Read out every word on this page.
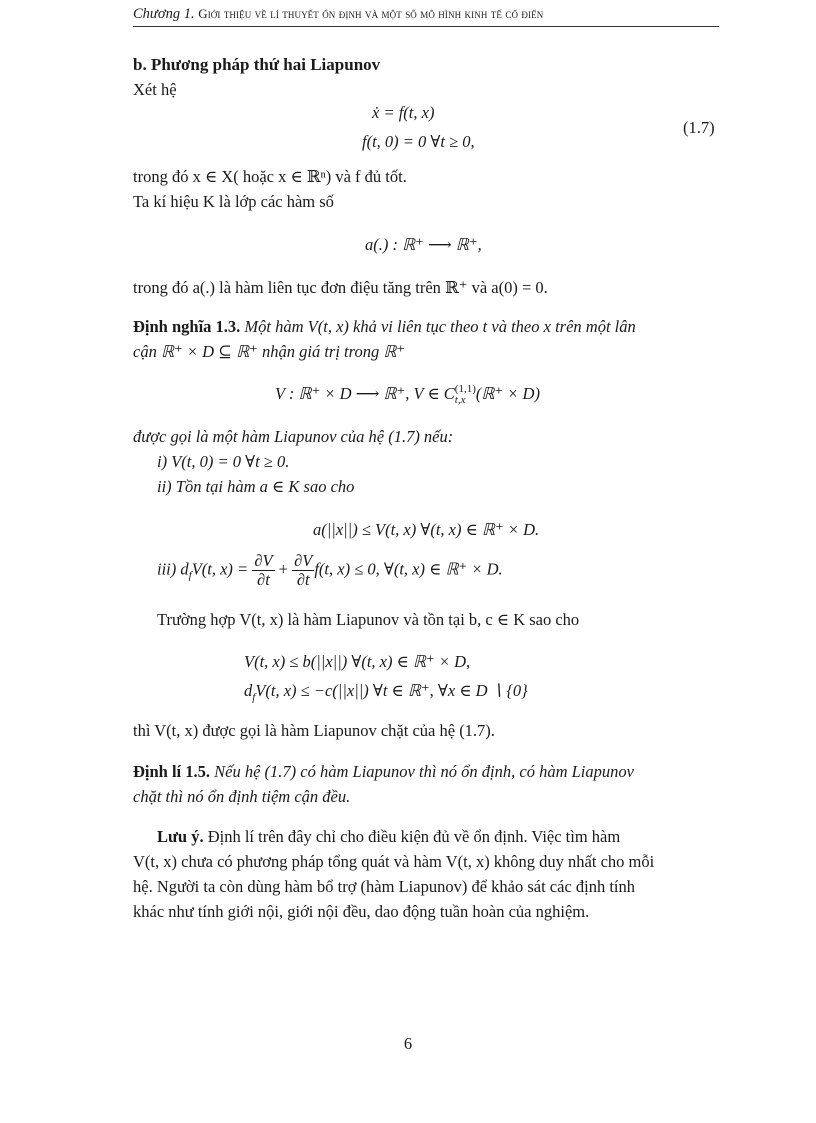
Chương 1. Giới thiệu về lí thuyết ổn định và một số mô hình kinh tế cổ điển
b. Phương pháp thứ hai Liapunov
Xét hệ
ẋ = f(t, x)
f(t, 0) = 0 ∀t ≥ 0,
(1.7)
trong đó x ∈ X( hoặc x ∈ ℝⁿ) và f đủ tốt.
Ta kí hiệu K là lớp các hàm số
a(.) : ℝ⁺ ⟶ ℝ⁺,
trong đó a(.) là hàm liên tục đơn điệu tăng trên ℝ⁺ và a(0) = 0.
Định nghĩa 1.3. Một hàm V(t, x) khả vi liên tục theo t và theo x trên một lân
cận ℝ⁺ × D ⊆ ℝ⁺ nhận giá trị trong ℝ⁺
V : ℝ⁺ × D ⟶ ℝ⁺, V ∈ C (1,1)
t,x (ℝ⁺ × D)
được gọi là một hàm Liapunov của hệ (1.7) nếu:
i) V(t, 0) = 0 ∀t ≥ 0.
ii) Tồn tại hàm a ∈ K sao cho
a(||x||) ≤ V(t, x) ∀(t, x) ∈ ℝ⁺ × D.
iii) $d_fV(t$, $x) = \frac{\partial V}{\partial t} + \frac{\partial V}{\partial t} f(t$, x) ≤ 0, ∀(t, x) ∈ ℝ⁺ × D.
Trường hợp V(t, x) là hàm Liapunov và tồn tại b, c ∈ K sao cho
V(t, x) ≤ b(||x||) ∀(t, x) ∈ ℝ⁺ × D,
$d_fV(t$, x) ≤ −c(||x||) ∀t ∈ ℝ⁺, ∀x ∈ D ∖ {0}
thì V(t, x) được gọi là hàm Liapunov chặt của hệ (1.7).
Định lí 1.5. Nếu hệ (1.7) có hàm Liapunov thì nó ổn định, có hàm Liapunov
chặt thì nó ổn định tiệm cận đều.
Lưu ý. Định lí trên đây chỉ cho điều kiện đủ về ổn định. Việc tìm hàm
V(t, x) chưa có phương pháp tổng quát và hàm V(t, x) không duy nhất cho mỗi
hệ. Người ta còn dùng hàm bổ trợ (hàm Liapunov) để khảo sát các định tính
khác như tính giới nội, giới nội đều, dao động tuần hoàn của nghiệm.
6
